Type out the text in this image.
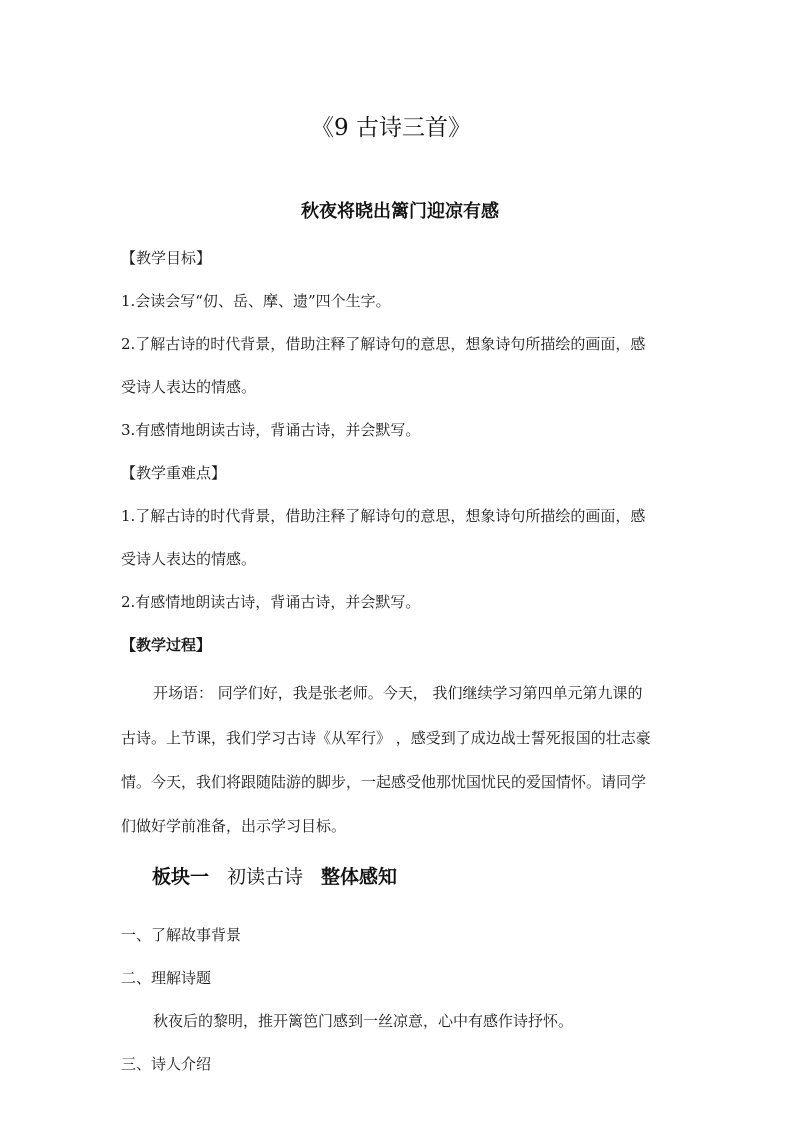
《9 古诗三首》
秋夜将晓出篱门迎凉有感
【教学目标】
1.会读会写“仞、岳、摩、遗”四个生字。
2.了解古诗的时代背景，借助注释了解诗句的意思，想象诗句所描绘的画面，感
受诗人表达的情感。
3.有感情地朗读古诗，背诵古诗，并会默写。
【教学重难点】
1.了解古诗的时代背景，借助注释了解诗句的意思，想象诗句所描绘的画面，感
受诗人表达的情感。
2.有感情地朗读古诗，背诵古诗，并会默写。
【教学过程】
开场语： 同学们好，我是张老师。今天， 我们继续学习第四单元第九课的
古诗。上节课，我们学习古诗《从军行》 ，感受到了成边战士誓死报国的壮志豪
情。今天，我们将跟随陆游的脚步，一起感受他那忧国忧民的爱国情怀。请同学
们做好学前准备，出示学习目标。
板块一 初读古诗 整体感知
一、了解故事背景
二、理解诗题
秋夜后的黎明，推开篱笆门感到一丝凉意，心中有感作诗抒怀。
三、诗人介绍
